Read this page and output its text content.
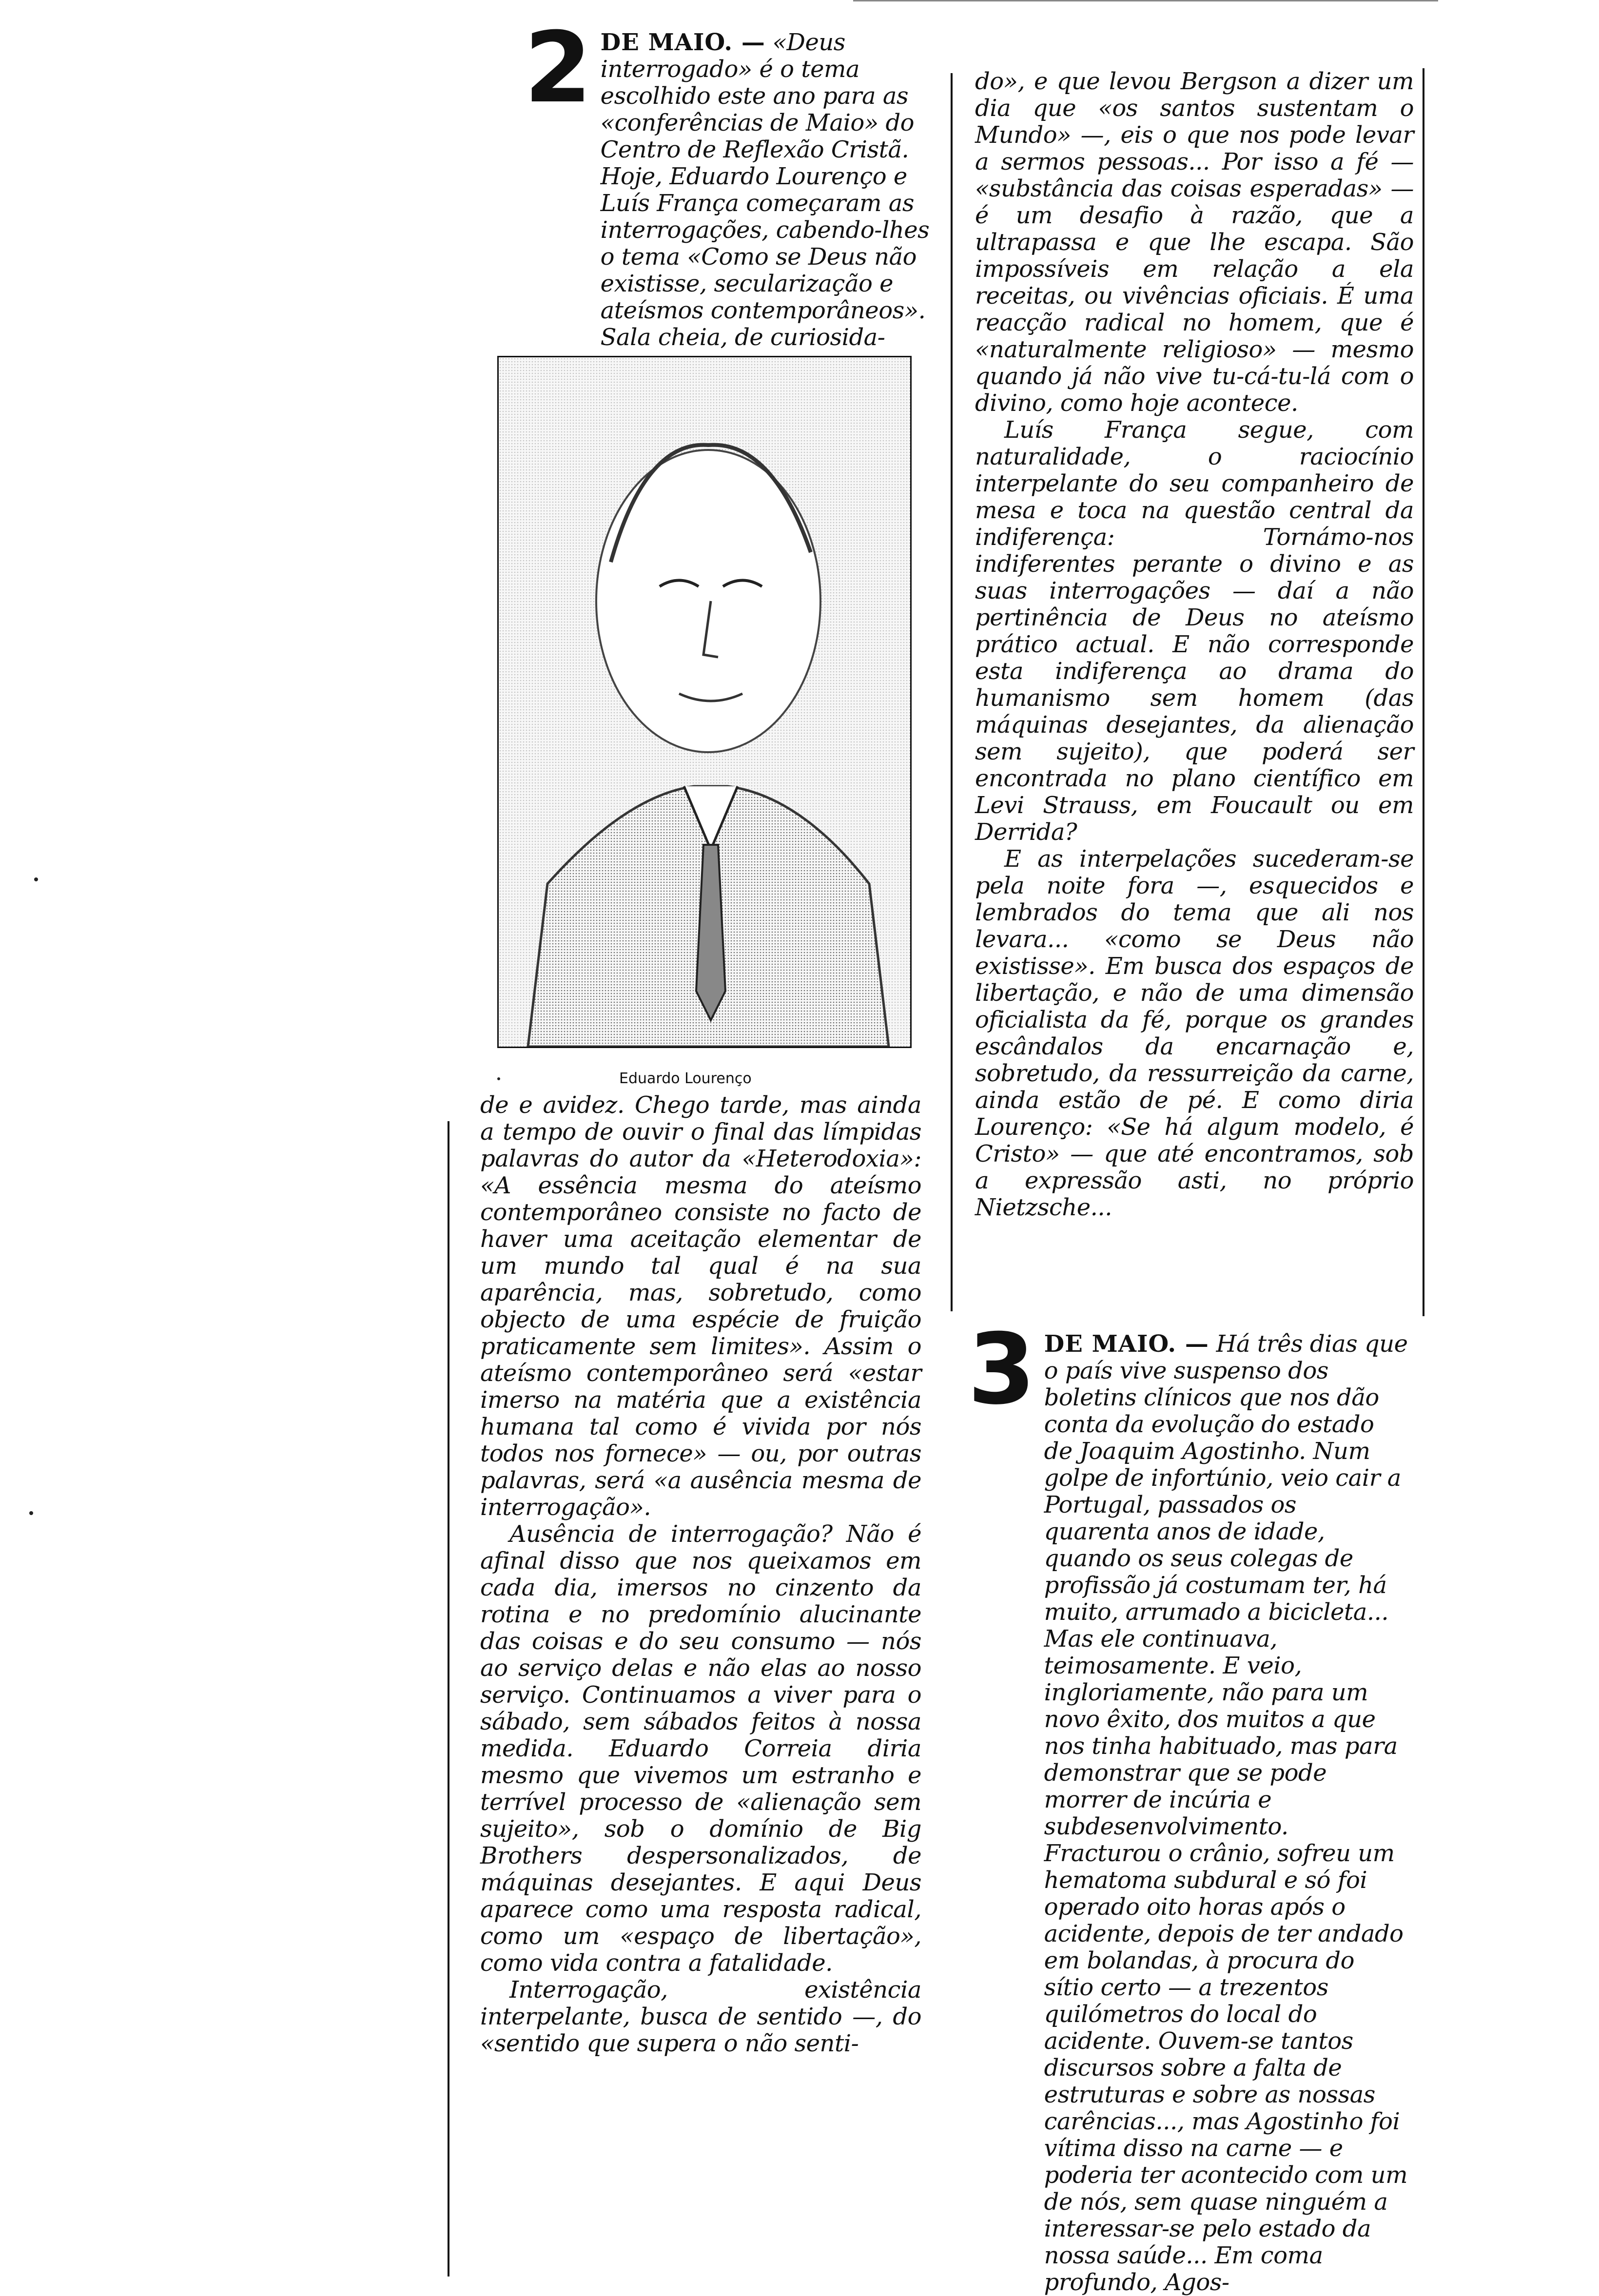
2 DE MAIO. — «Deus interrogado» é o tema escolhido este ano para as «conferências de Maio» do Centro de Reflexão Cristã. Hoje, Eduardo Lourenço e Luís França começaram as interrogações, cabendo-lhes o tema «Como se Deus não existisse, secularização e ateísmos contemporâneos». Sala cheia, de curiosida-
Eduardo Lourenço

de e avidez. Chego tarde, mas ainda a tempo de ouvir o final das límpidas palavras do autor da «Heterodoxia»: «A essência mesma do ateísmo contemporâneo consiste no facto de haver uma aceitação elementar de um mundo tal qual é na sua aparência, mas, sobretudo, como objecto de uma espécie de fruição praticamente sem limites». Assim o ateísmo contemporâneo será «estar imerso na matéria que a existência humana tal como é vivida por nós todos nos fornece» — ou, por outras palavras, será «a ausência mesma de interrogação».

Ausência de interrogação? Não é afinal disso que nos queixamos em cada dia, imersos no cinzento da rotina e no predomínio alucinante das coisas e do seu consumo — nós ao serviço delas e não elas ao nosso serviço. Continuamos a viver para o sábado, sem sábados feitos à nossa medida. Eduardo Correia diria mesmo que vivemos um estranho e terrível processo de «alienação sem sujeito», sob o domínio de Big Brothers despersonalizados, de máquinas desejantes. E aqui Deus aparece como uma resposta radical, como um «espaço de libertação», como vida contra a fatalidade.

Interrogação, existência interpelante, busca de sentido —, do «sentido que supera o não senti-

do», e que levou Bergson a dizer um dia que «os santos sustentam o Mundo» —, eis o que nos pode levar a sermos pessoas... Por isso a fé — «substância das coisas esperadas» — é um desafio à razão, que a ultrapassa e que lhe escapa. São impossíveis em relação a ela receitas, ou vivências oficiais. É uma reacção radical no homem, que é «naturalmente religioso» — mesmo quando já não vive tu-cá-tu-lá com o divino, como hoje acontece.

Luís França segue, com naturalidade, o raciocínio interpelante do seu companheiro de mesa e toca na questão central da indiferença: Tornámo-nos indiferentes perante o divino e as suas interrogações — daí a não pertinência de Deus no ateísmo prático actual. E não corresponde esta indiferença ao drama do humanismo sem homem (das máquinas desejantes, da alienação sem sujeito), que poderá ser encontrada no plano científico em Levi Strauss, em Foucault ou em Derrida?

E as interpelações sucederam-se pela noite fora —, esquecidos e lembrados do tema que ali nos levara... «como se Deus não existisse». Em busca dos espaços de libertação, e não de uma dimensão oficialista da fé, porque os grandes escândalos da encarnação e, sobretudo, da ressurreição da carne, ainda estão de pé. E como diria Lourenço: «Se há algum modelo, é Cristo» — que até encontramos, sob a expressão asti, no próprio Nietzsche...

3 DE MAIO. — Há três dias que o país vive suspenso dos boletins clínicos que nos dão conta da evolução do estado de Joaquim Agostinho. Num golpe de infortúnio, veio cair a Portugal, passados os quarenta anos de idade, quando os seus colegas de profissão já costumam ter, há muito, arrumado a bicicleta... Mas ele continuava, teimosamente. E veio, ingloriamente, não para um novo êxito, dos muitos a que nos tinha habituado, mas para demonstrar que se pode morrer de incúria e subdesenvolvimento. Fracturou o crânio, sofreu um hematoma subdural e só foi operado oito horas após o acidente, depois de ter andado em bolandas, à procura do sítio certo — a trezentos quilómetros do local do acidente. Ouvem-se tantos discursos sobre a falta de estruturas e sobre as nossas carências..., mas Agostinho foi vítima disso na carne — e poderia ter acontecido com um de nós, sem quase ninguém a interessar-se pelo estado da nossa saúde... Em coma profundo, Agos-
